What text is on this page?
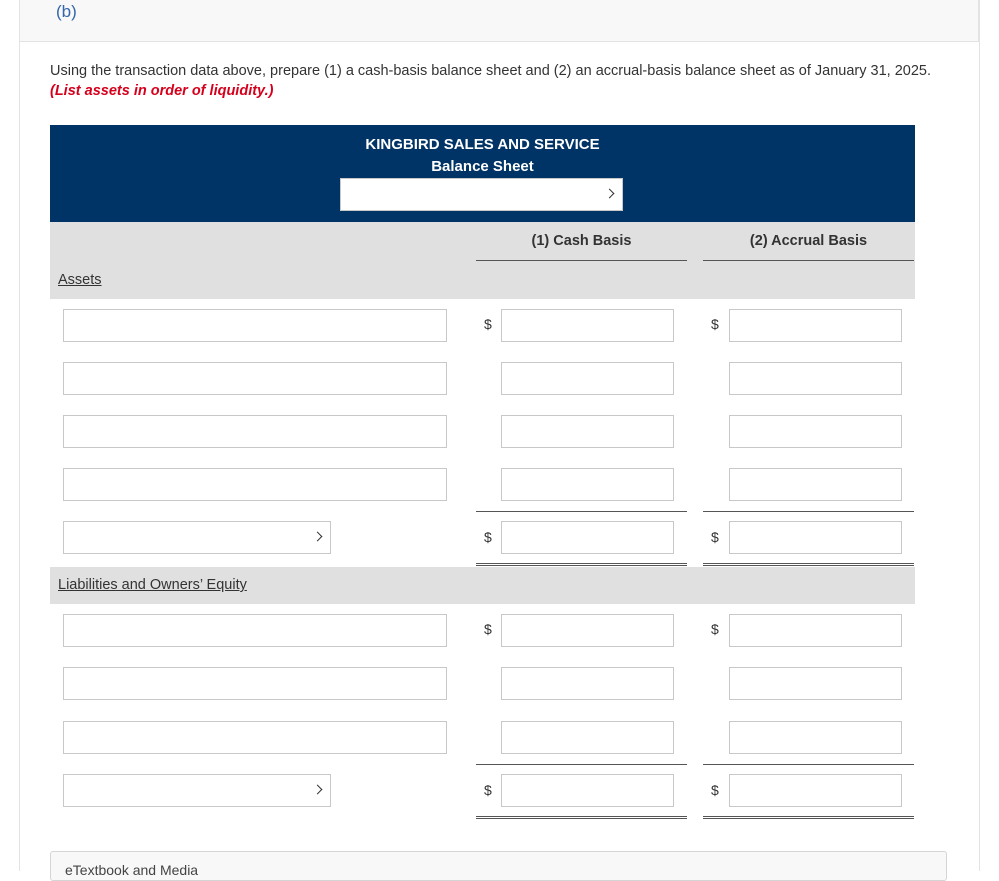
(b)
Using the transaction data above, prepare (1) a cash-basis balance sheet and (2) an accrual-basis balance sheet as of January 31, 2025. (List assets in order of liquidity.)
KINGBIRD SALES AND SERVICE
Balance Sheet
(1) Cash Basis	(2) Accrual Basis
Assets
$	$
$	$
Liabilities and Owners’ Equity
$	$
$	$
eTextbook and Media
